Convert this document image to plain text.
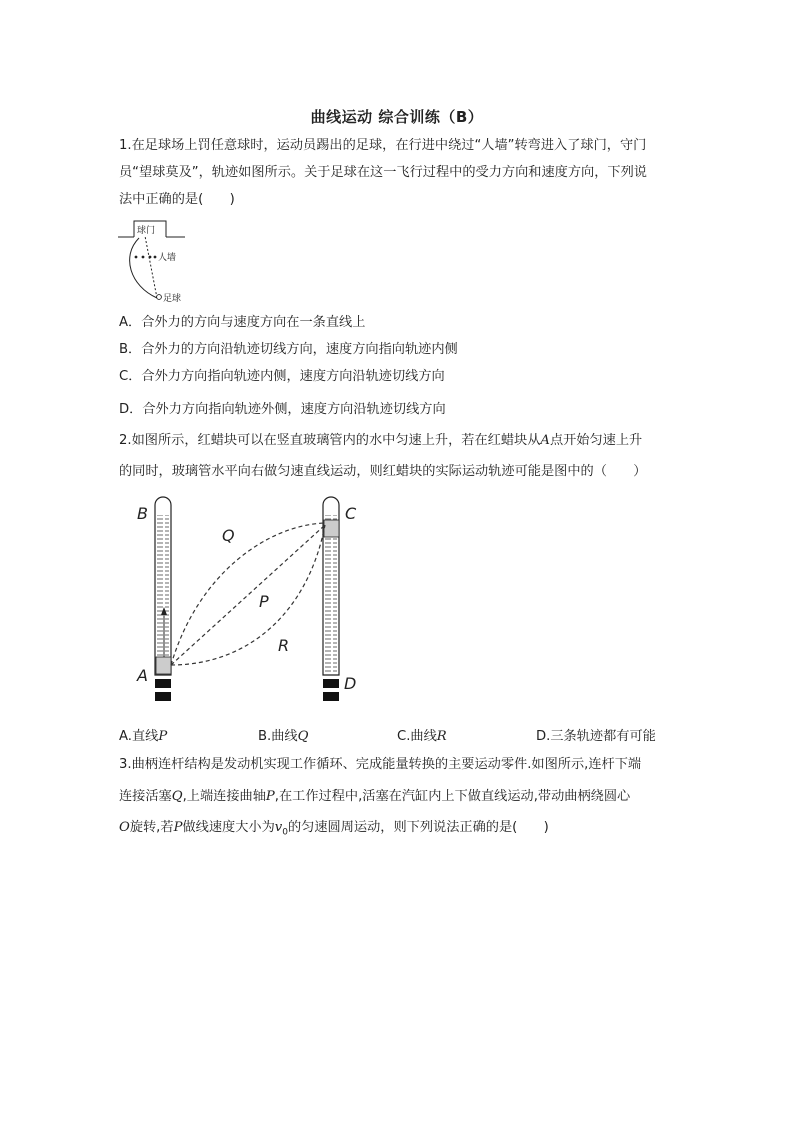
曲线运动 综合训练（B）
1.在足球场上罚任意球时，运动员踢出的足球，在行进中绕过“人墙”转弯进入了球门，守门
员“望球莫及”，轨迹如图所示。关于足球在这一飞行过程中的受力方向和速度方向，下列说
法中正确的是(　　)
球门
人墙
足球
A．合外力的方向与速度方向在一条直线上
B．合外力的方向沿轨迹切线方向，速度方向指向轨迹内侧
C．合外力方向指向轨迹内侧，速度方向沿轨迹切线方向
D．合外力方向指向轨迹外侧，速度方向沿轨迹切线方向
2.如图所示，红蜡块可以在竖直玻璃管内的水中匀速上升，若在红蜡块从A点开始匀速上升
的同时，玻璃管水平向右做匀速直线运动，则红蜡块的实际运动轨迹可能是图中的（　　）
B	C
A	D
Q
P
R
A.直线P	B.曲线Q	C.曲线R	D.三条轨迹都有可能
3.曲柄连杆结构是发动机实现工作循环、完成能量转换的主要运动零件.如图所示,连杆下端
连接活塞Q,上端连接曲轴P,在工作过程中,活塞在汽缸内上下做直线运动,带动曲柄绕圆心
O旋转,若P做线速度大小为$v_0$的匀速圆周运动，则下列说法正确的是(　　)
